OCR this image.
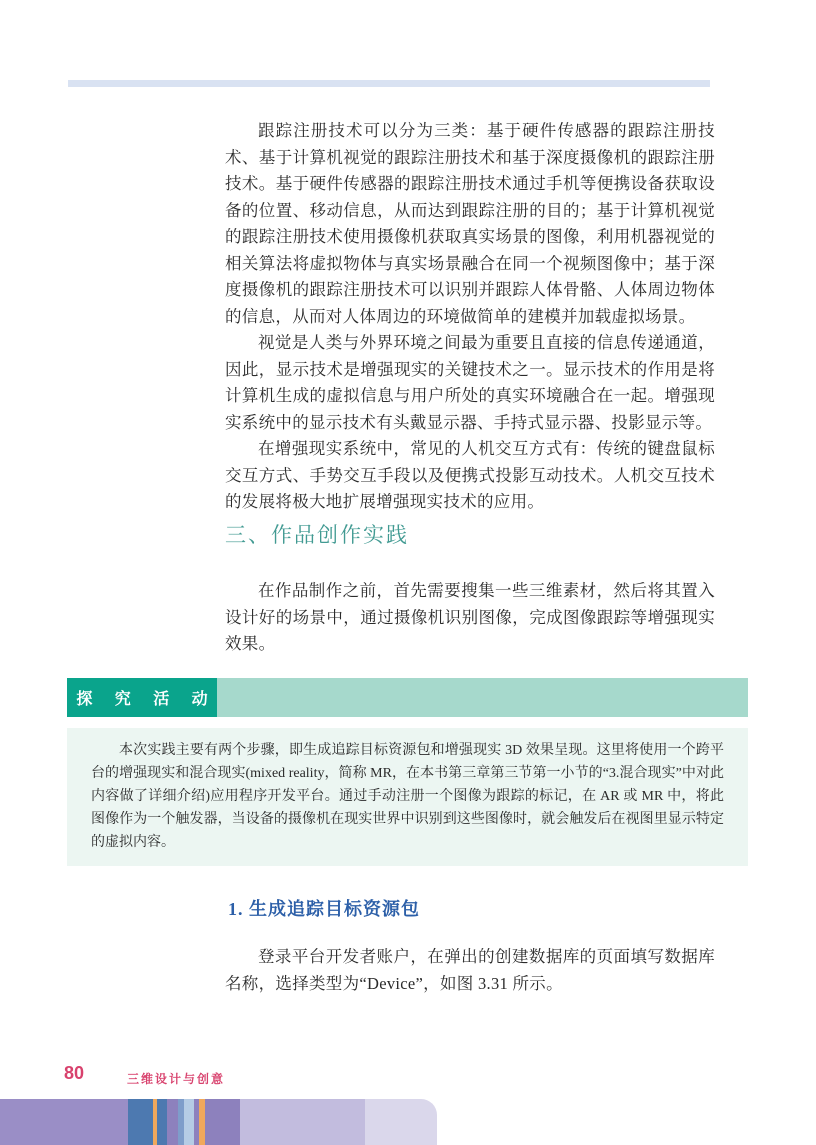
跟踪注册技术可以分为三类：基于硬件传感器的跟踪注册技术、基于计算机视觉的跟踪注册技术和基于深度摄像机的跟踪注册技术。基于硬件传感器的跟踪注册技术通过手机等便携设备获取设备的位置、移动信息，从而达到跟踪注册的目的；基于计算机视觉的跟踪注册技术使用摄像机获取真实场景的图像，利用机器视觉的相关算法将虚拟物体与真实场景融合在同一个视频图像中；基于深度摄像机的跟踪注册技术可以识别并跟踪人体骨骼、人体周边物体的信息，从而对人体周边的环境做简单的建模并加载虚拟场景。

视觉是人类与外界环境之间最为重要且直接的信息传递通道，因此，显示技术是增强现实的关键技术之一。显示技术的作用是将计算机生成的虚拟信息与用户所处的真实环境融合在一起。增强现实系统中的显示技术有头戴显示器、手持式显示器、投影显示等。

在增强现实系统中，常见的人机交互方式有：传统的键盘鼠标交互方式、手势交互手段以及便携式投影互动技术。人机交互技术的发展将极大地扩展增强现实技术的应用。

三、作品创作实践

在作品制作之前，首先需要搜集一些三维素材，然后将其置入设计好的场景中，通过摄像机识别图像，完成图像跟踪等增强现实效果。

探 究 活 动
本次实践主要有两个步骤，即生成追踪目标资源包和增强现实 3D 效果呈现。这里将使用一个跨平台的增强现实和混合现实(mixed reality，简称 MR，在本书第三章第三节第一小节的“3.混合现实”中对此内容做了详细介绍)应用程序开发平台。通过手动注册一个图像为跟踪的标记，在 AR 或 MR 中，将此图像作为一个触发器，当设备的摄像机在现实世界中识别到这些图像时，就会触发后在视图里显示特定的虚拟内容。
1. 生成追踪目标资源包

登录平台开发者账户，在弹出的创建数据库的页面填写数据库名称，选择类型为“Device”，如图 3.31 所示。

80	三维设计与创意
